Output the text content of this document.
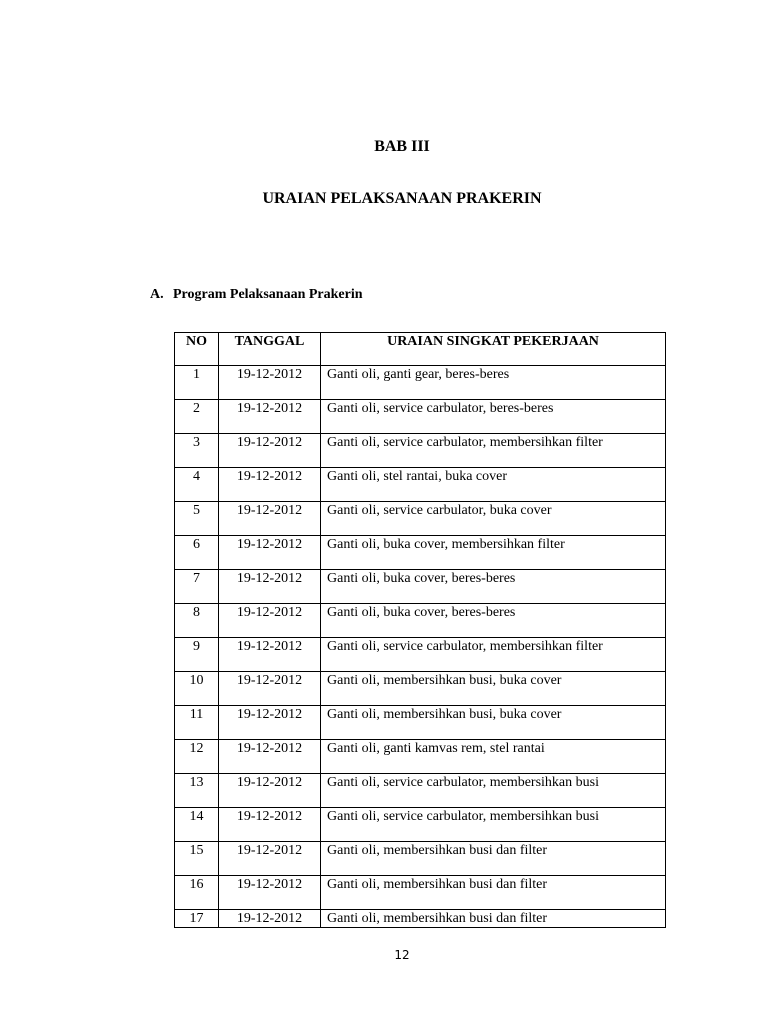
BAB III
URAIAN PELAKSANAAN PRAKERIN
A. Program Pelaksanaan Prakerin
NO	TANGGAL	URAIAN SINGKAT PEKERJAAN
1	19-12-2012	Ganti oli, ganti gear, beres-beres
2	19-12-2012	Ganti oli, service carbulator, beres-beres
3	19-12-2012	Ganti oli, service carbulator, membersihkan filter
4	19-12-2012	Ganti oli, stel rantai, buka cover
5	19-12-2012	Ganti oli, service carbulator, buka cover
6	19-12-2012	Ganti oli, buka cover, membersihkan filter
7	19-12-2012	Ganti oli, buka cover, beres-beres
8	19-12-2012	Ganti oli, buka cover, beres-beres
9	19-12-2012	Ganti oli, service carbulator, membersihkan filter
10	19-12-2012	Ganti oli, membersihkan busi, buka cover
11	19-12-2012	Ganti oli, membersihkan busi, buka cover
12	19-12-2012	Ganti oli, ganti kamvas rem, stel rantai
13	19-12-2012	Ganti oli, service carbulator, membersihkan busi
14	19-12-2012	Ganti oli, service carbulator, membersihkan busi
15	19-12-2012	Ganti oli, membersihkan busi dan filter
16	19-12-2012	Ganti oli, membersihkan busi dan filter
17	19-12-2012	Ganti oli, membersihkan busi dan filter
12
